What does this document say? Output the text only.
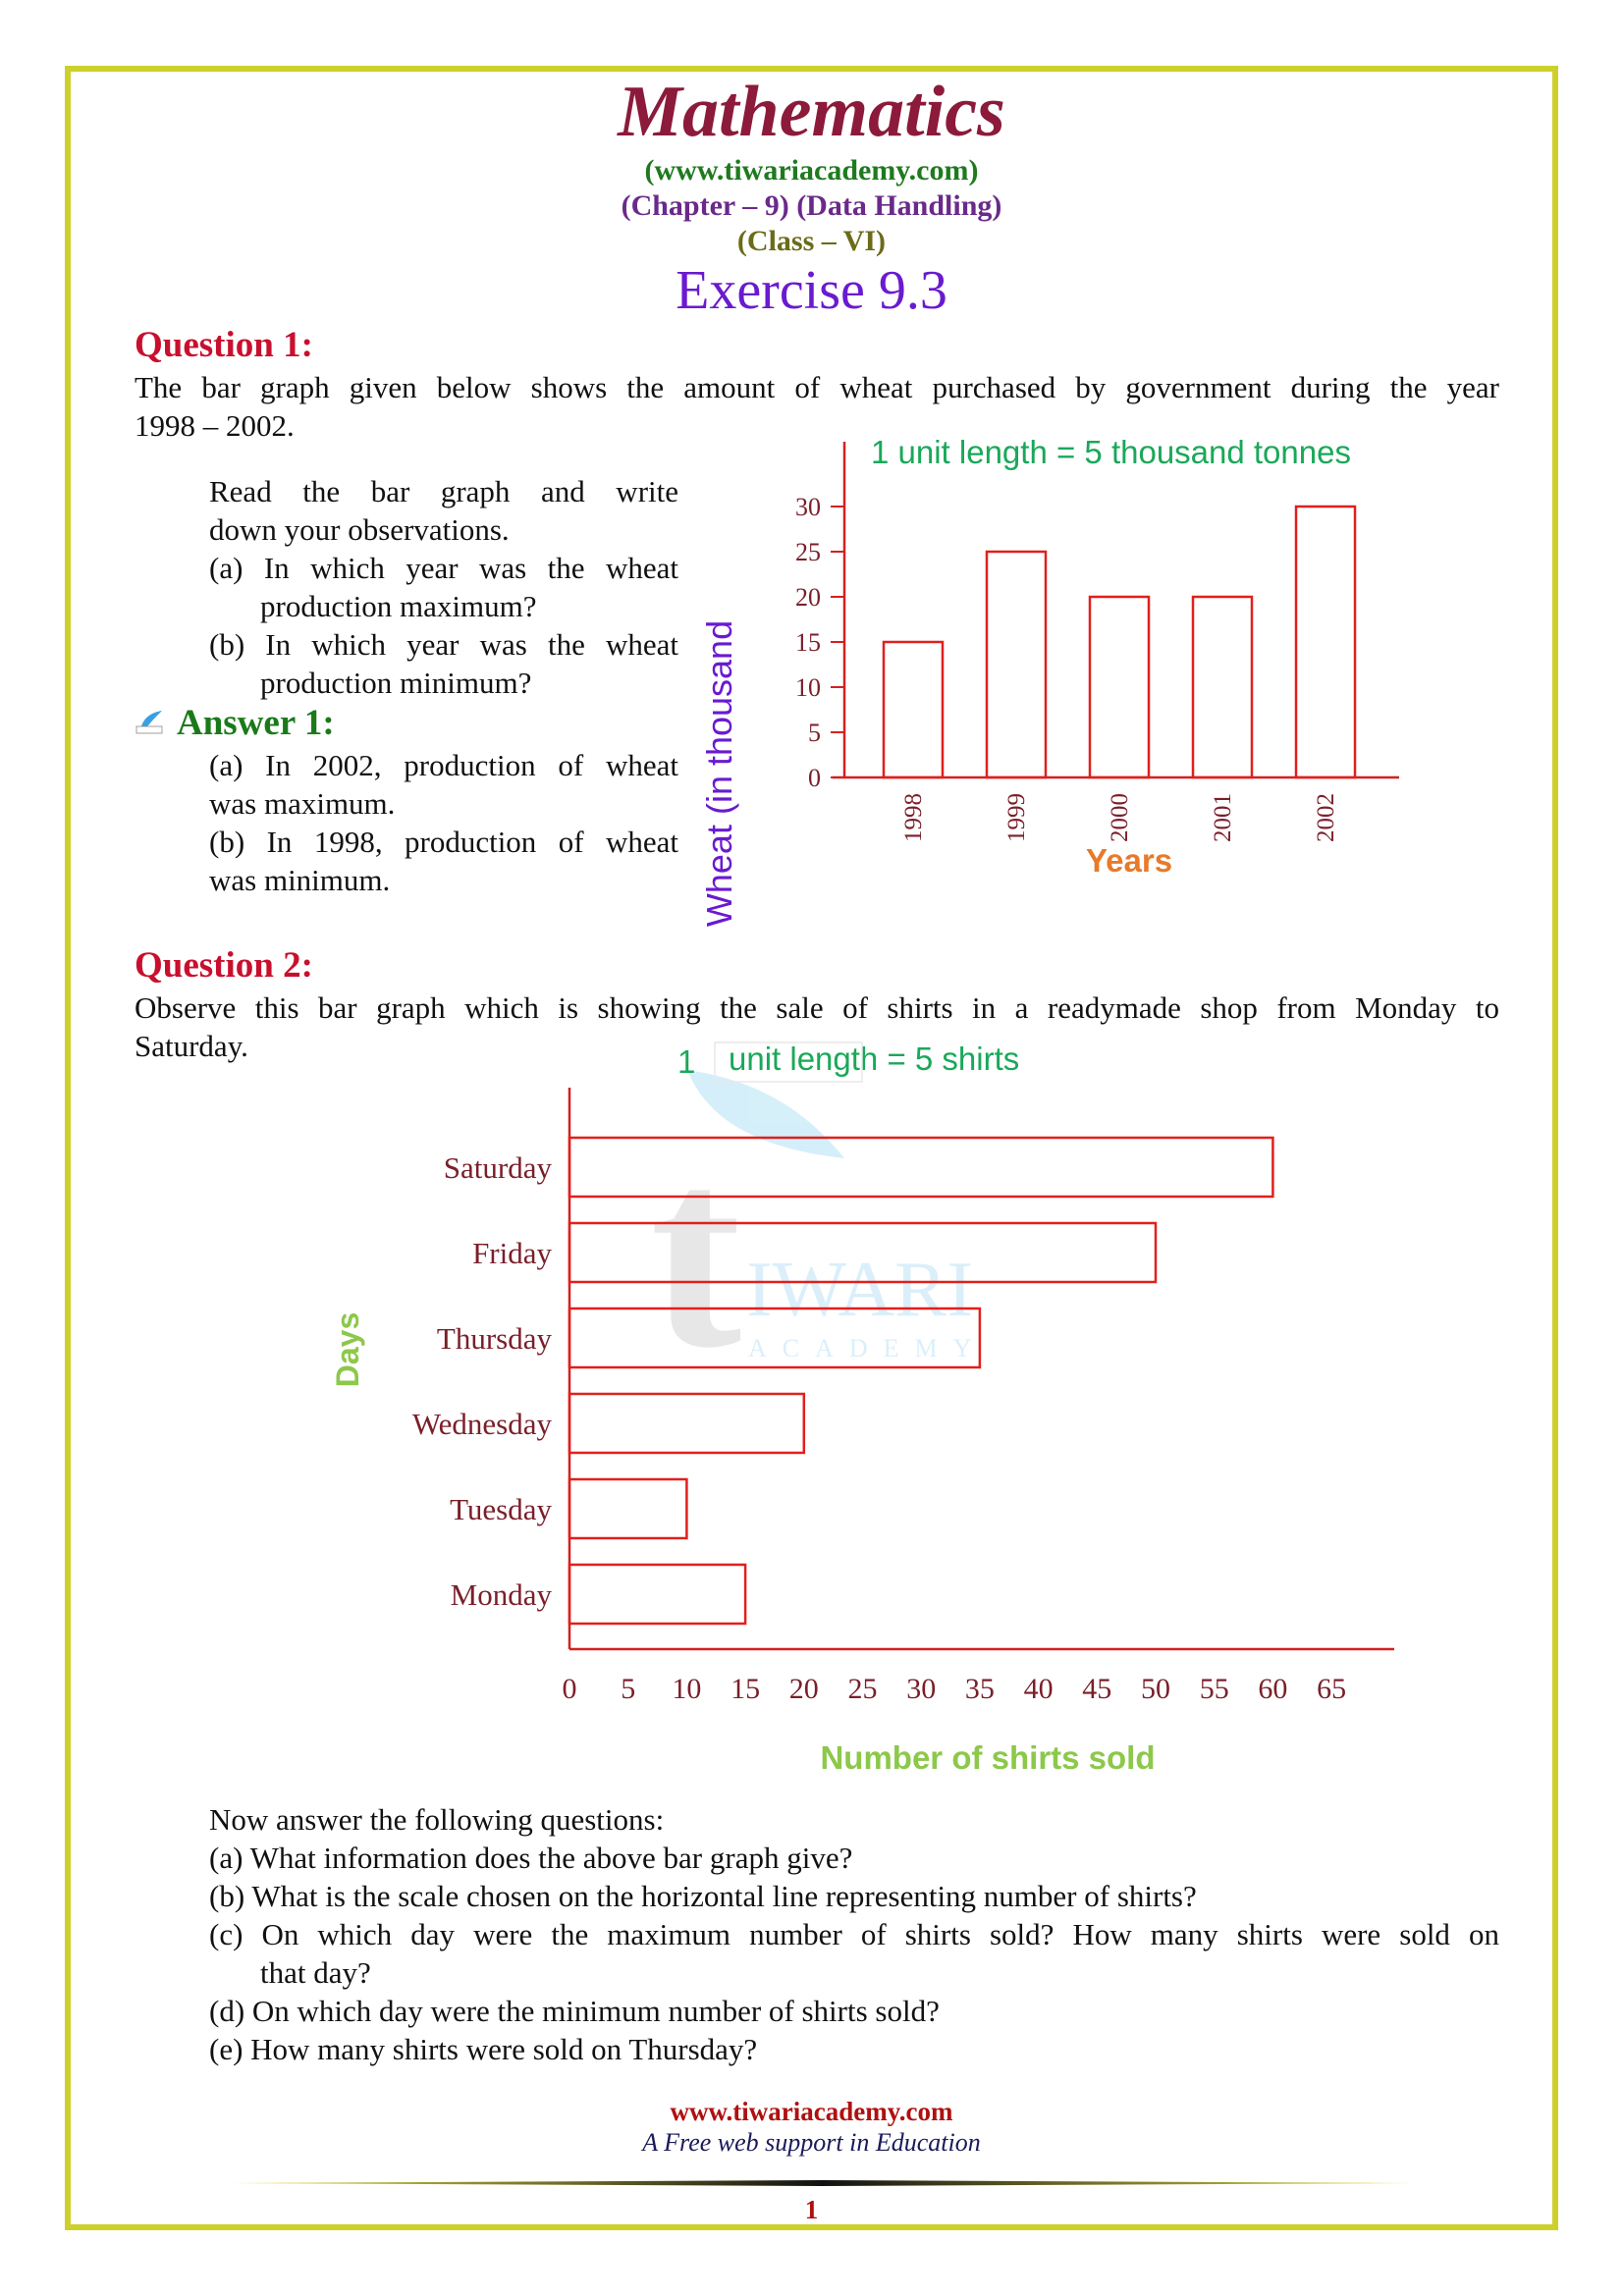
Mathematics
(www.tiwariacademy.com)
(Chapter – 9) (Data Handling)
(Class – VI)
Exercise 9.3
Question 1:
The bar graph given below shows the amount of wheat purchased by government during the year
1998 – 2002.
Read the bar graph and write
down your observations.
(a) In which year was the wheat
production maximum?
(b) In which year was the wheat
production minimum?
Answer 1:
(a) In 2002, production of wheat
was maximum.
(b) In 1998, production of wheat
was minimum.	Wheat (in thousand
1 unit length = 5 thousand tonnes
Years
0
5
10
15
20
25
30
1998	1999	2000	2001	2002
Question 2:
Observe this bar graph which is showing the sale of shirts in a readymade shop from Monday to
Saturday.
t IWARI
ACADEMY
1 unit length = 5 shirts
Days
Number of shirts sold
0 5 10 15 20 25 30 35 40 45 50 55 60 65
Saturday
Friday
Thursday
Wednesday
Tuesday
Monday
Now answer the following questions:
(a) What information does the above bar graph give?
(b) What is the scale chosen on the horizontal line representing number of shirts?
(c) On which day were the maximum number of shirts sold? How many shirts were sold on
that day?
(d) On which day were the minimum number of shirts sold?
(e) How many shirts were sold on Thursday?
www.tiwariacademy.com
A Free web support in Education
1
